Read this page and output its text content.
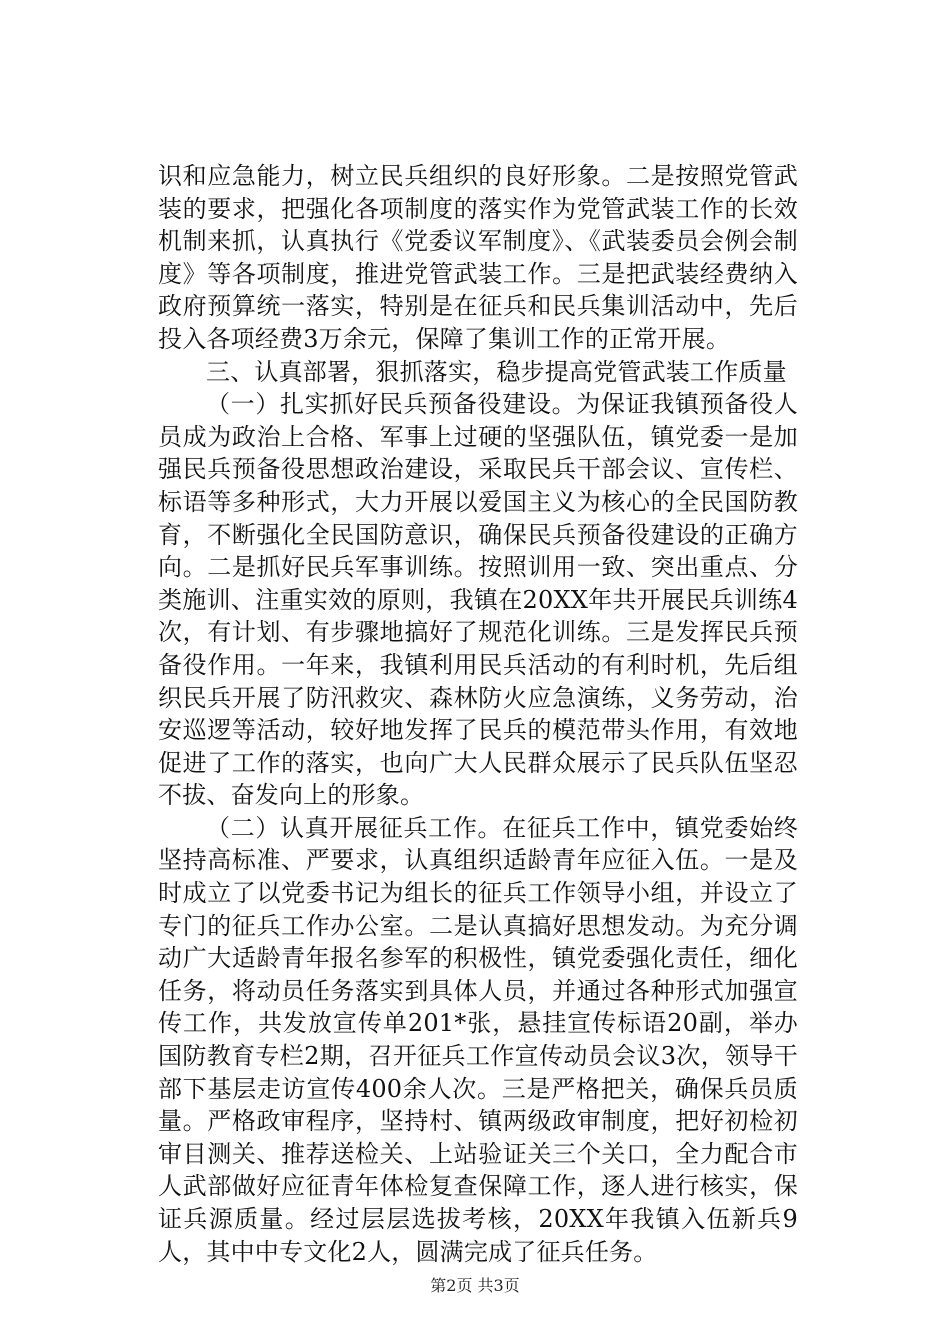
识和应急能力，树立民兵组织的良好形象。二是按照党管武装的要求，把强化各项制度的落实作为党管武装工作的长效机制来抓，认真执行《党委议军制度》、《武装委员会例会制度》等各项制度，推进党管武装工作。三是把武装经费纳入政府预算统一落实，特别是在征兵和民兵集训活动中，先后投入各项经费3万余元，保障了集训工作的正常开展。

三、认真部署，狠抓落实，稳步提高党管武装工作质量

（一）扎实抓好民兵预备役建设。为保证我镇预备役人员成为政治上合格、军事上过硬的坚强队伍，镇党委一是加强民兵预备役思想政治建设，采取民兵干部会议、宣传栏、标语等多种形式，大力开展以爱国主义为核心的全民国防教育，不断强化全民国防意识，确保民兵预备役建设的正确方向。二是抓好民兵军事训练。按照训用一致、突出重点、分类施训、注重实效的原则，我镇在20XX年共开展民兵训练4次，有计划、有步骤地搞好了规范化训练。三是发挥民兵预备役作用。一年来，我镇利用民兵活动的有利时机，先后组织民兵开展了防汛救灾、森林防火应急演练，义务劳动，治安巡逻等活动，较好地发挥了民兵的模范带头作用，有效地促进了工作的落实，也向广大人民群众展示了民兵队伍坚忍不拔、奋发向上的形象。

（二）认真开展征兵工作。在征兵工作中，镇党委始终坚持高标准、严要求，认真组织适龄青年应征入伍。一是及时成立了以党委书记为组长的征兵工作领导小组，并设立了专门的征兵工作办公室。二是认真搞好思想发动。为充分调动广大适龄青年报名参军的积极性，镇党委强化责任，细化任务，将动员任务落实到具体人员，并通过各种形式加强宣传工作，共发放宣传单201*张，悬挂宣传标语20副，举办国防教育专栏2期，召开征兵工作宣传动员会议3次，领导干部下基层走访宣传400余人次。三是严格把关，确保兵员质量。严格政审程序，坚持村、镇两级政审制度，把好初检初审目测关、推荐送检关、上站验证关三个关口，全力配合市人武部做好应征青年体检复查保障工作，逐人进行核实，保证兵源质量。经过层层选拔考核，20XX年我镇入伍新兵9人，其中中专文化2人，圆满完成了征兵任务。

第2页 共3页
